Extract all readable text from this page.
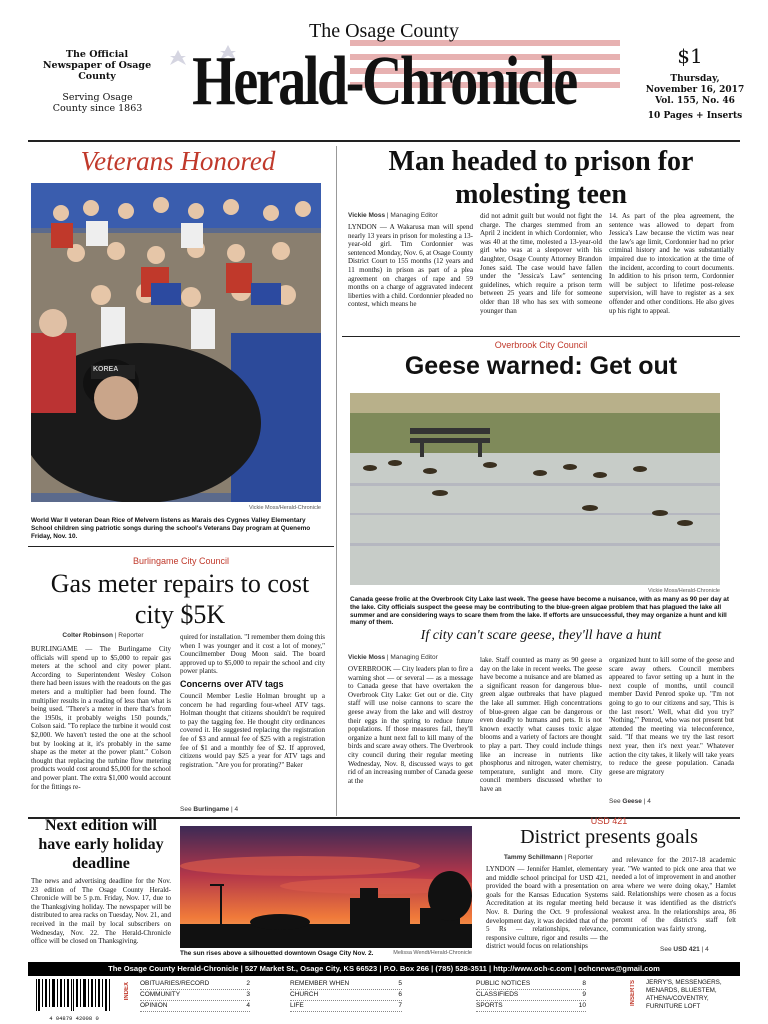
The Osage County
Herald-Chronicle
The Official Newspaper of Osage County
Serving Osage County since 1863
$1
Thursday,
November 16, 2017
Vol. 155, No. 46
10 Pages + Inserts
Veterans Honored
KOREA
Vickie Moss/Herald-Chronicle
World War II veteran Dean Rice of Melvern listens as Marais des Cygnes Valley Elementary School children sing patriotic songs during the school's Veterans Day program at Quenemo Friday, Nov. 10.
Burlingame City Council
Gas meter repairs to cost city $5K
Colter Robinson | Reporter
BURLINGAME — The Burlingame City officials will spend up to $5,000 to repair gas meters at the school and city power plant. According to Superintendent Wesley Colson there had been issues with the readouts on the gas meters and a multiplier had been found. The multiplier results in a reading of less than what is being used. "There's a meter in there that's from the 1950s, it probably weighs 150 pounds," Colson said. "To replace the turbine it would cost $2,000. We haven't tested the one at the school but by looking at it, it's probably in the same shape as the meter at the power plant." Colson thought that replacing the turbine flow metering products would cost around $5,000 for the school and power plant. The extra $1,000 would account for the fittings re-
quired for installation. "I remember them doing this when I was younger and it cost a lot of money," Councilmember Doug Moon said. The board approved up to $5,000 to repair the school and city power plants.
Concerns over ATV tags
Council Member Leslie Holman brought up a concern he had regarding four-wheel ATV tags. Holman thought that citizens shouldn't be required to pay the tagging fee. He thought city ordinances covered it. He suggested replacing the registration fee of $3 and annual fee of $25 with a registration fee of $1 and a monthly fee of $2. If approved, citizens would pay $25 a year for ATV tags and registration. "Are you for prorating?" Baker
See Burlingame | 4
Man headed to prison for molesting teen
Vickie Moss | Managing Editor
LYNDON — A Wakarusa man will spend nearly 13 years in prison for molesting a 13-year-old girl. Tim Cordonnier was sentenced Monday, Nov. 6, at Osage County District Court to 155 months (12 years and 11 months) in prison as part of a plea agreement on charges of rape and 59 months on a charge of aggravated indecent liberties with a child. Cordonnier pleaded no contest, which means he
did not admit guilt but would not fight the charge. The charges stemmed from an April 2 incident in which Cordonnier, who was 40 at the time, molested a 13-year-old girl who was at a sleepover with his daughter, Osage County Attorney Brandon Jones said. The case would have fallen under the "Jessica's Law" sentencing guidelines, which require a prison term between 25 years and life for someone older than 18 who has sex with someone younger than
14. As part of the plea agreement, the sentence was allowed to depart from Jessica's Law because the victim was near the law's age limit, Cordonnier had no prior criminal history and he was substantially impaired due to intoxication at the time of the incident, according to court documents. In addition to his prison term, Cordonnier will be subject to lifetime post-release supervision, will have to register as a sex offender and other conditions. He also gives up his right to appeal.
Overbrook City Council
Geese warned: Get out
Vickie Moss/Herald-Chronicle
Canada geese frolic at the Overbrook City Lake last week. The geese have become a nuisance, with as many as 90 per day at the lake. City officials suspect the geese may be contributing to the blue-green algae problem that has plagued the lake all summer and are considering ways to scare them from the lake. If efforts are unsuccessful, they may organize a hunt and kill many of them.
If city can't scare geese, they'll have a hunt
Vickie Moss | Managing Editor
OVERBROOK — City leaders plan to fire a warning shot — or several — as a message to Canada geese that have overtaken the Overbrook City Lake: Get out or die. City staff will use noise cannons to scare the geese away from the lake and will destroy their eggs in the spring to reduce future populations. If those measures fail, they'll organize a hunt next fall to kill many of the birds and scare away others. The Overbrook city council during their regular meeting Wednesday, Nov. 8, discussed ways to get rid of an increasing number of Canada geese at the
lake. Staff counted as many as 90 geese a day on the lake in recent weeks. The geese have become a nuisance and are blamed as a significant reason for dangerous blue-green algae outbreaks that have plagued the lake all summer. High concentrations of blue-green algae can be dangerous or even deadly to humans and pets. It is not known exactly what causes toxic algae blooms and a variety of factors are thought to play a part. They could include things like an increase in nutrients like phosphorus and nitrogen, water chemistry, temperature, sunlight and more. City council members discussed whether to have an
organized hunt to kill some of the geese and scare away others. Council members appeared to favor setting up a hunt in the next couple of months, until council member David Penrod spoke up. "I'm not going to go to our citizens and say, 'This is the last resort.' Well, what did you try?' 'Nothing,'" Penrod, who was not present but attended the meeting via teleconference, said. "If that means we try the last resort next year, then it's next year." Whatever action the city takes, it likely will take years to reduce the geese population. Canada geese are migratory
See Geese | 4
Next edition will have early holiday deadline
The news and advertising deadline for the Nov. 23 edition of The Osage County Herald-Chronicle will be 5 p.m. Friday, Nov. 17, due to the Thanksgiving holiday. The newspaper will be distributed to area racks on Tuesday, Nov. 21, and received in the mail by local subscribers on Wednesday, Nov. 22. The Herald-Chronicle office will be closed on Thanksgiving.
Melissa Wendt/Herald-Chronicle
The sun rises above a silhouetted downtown Osage City Nov. 2.
USD 421
District presents goals
Tammy Schillmann | Reporter
LYNDON — Jennifer Hamlet, elementary and middle school principal for USD 421, provided the board with a presentation on goals for the Kansas Education Systems Accreditation at its regular meeting held Nov. 8. During the Oct. 9 professional development day, it was decided that of the 5 Rs — relationships, relevance, responsive culture, rigor and results — the district would focus on relationships
and relevance for the 2017-18 academic year. "We wanted to pick one area that we needed a lot of improvement in and another area where we were doing okay," Hamlet said. Relationships were chosen as a focus because it was identified as the district's weakest area. In the relationships area, 86 percent of the district's staff felt communication was fairly strong,
See USD 421 | 4
The Osage County Herald-Chronicle | 527 Market St., Osage City, KS 66523 | P.O. Box 266 | (785) 528-3511 | http://www.och-c.com | ochcnews@gmail.com
4 04879 42008 0
INDEX	OBITUARIES/RECORD	2
COMMUNITY	3
OPINION	4
REMEMBER WHEN	5
CHURCH	6
LIFE	7
PUBLIC NOTICES	8
CLASSIFIEDS	9
SPORTS	10	INSERTS	JERRY'S, MESSENGERS, MENARDS, BLUESTEM, ATHENA/COVENTRY, FURNITURE LOFT
